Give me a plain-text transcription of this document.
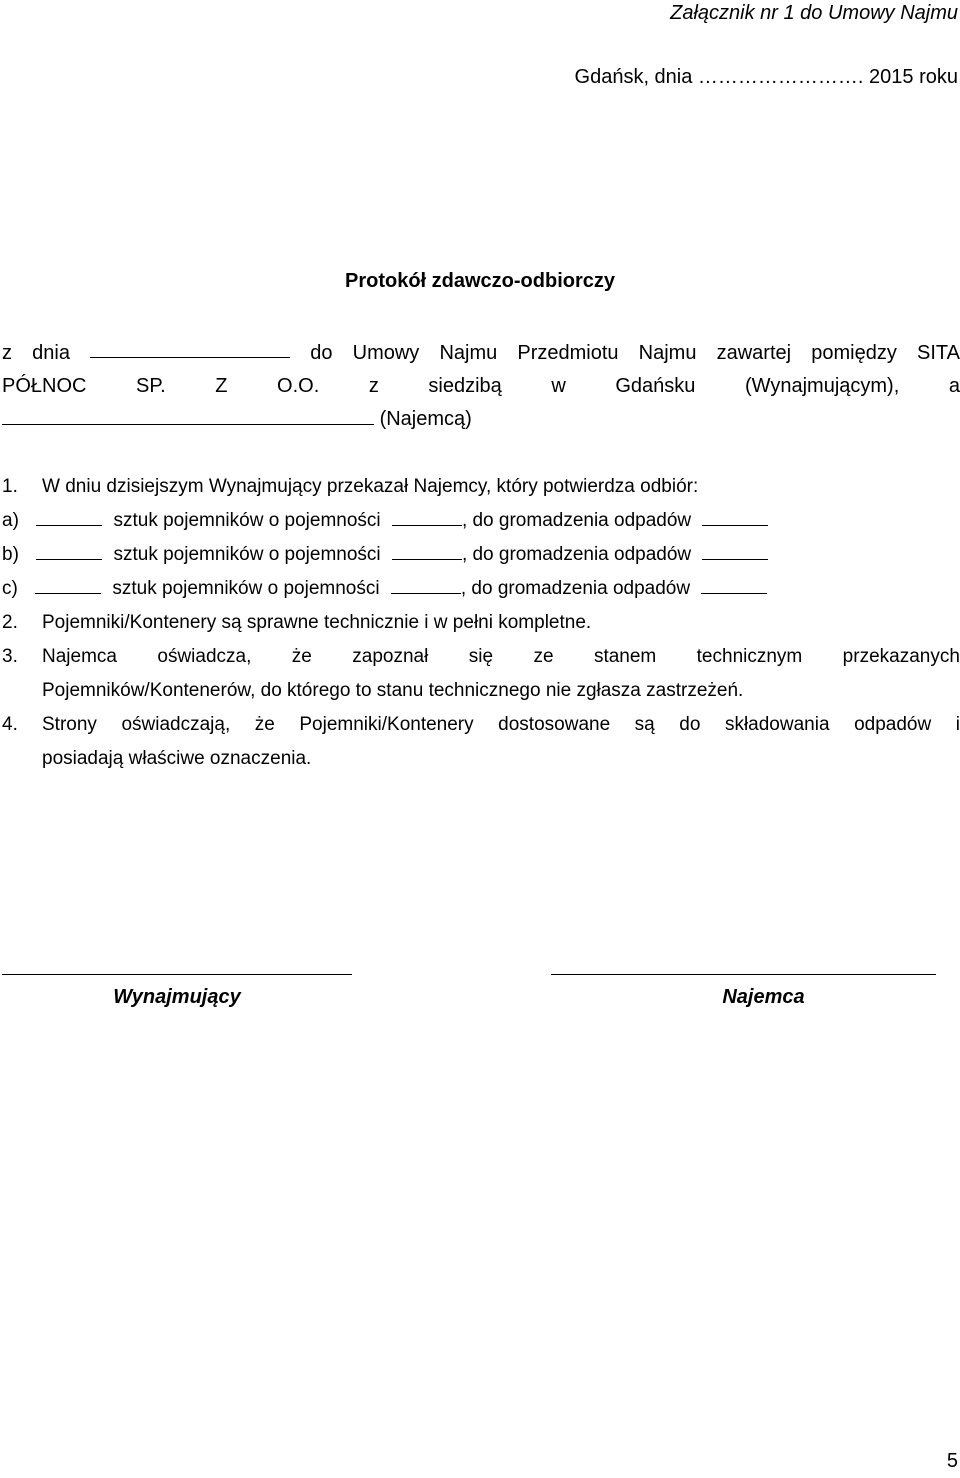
Załącznik nr 1 do Umowy Najmu
Gdańsk, dnia ……………………. 2015 roku
Protokół zdawczo-odbiorczy
z dnia	do Umowy Najmu Przedmiotu Najmu zawartej pomiędzy SITA
PÓŁNOC SP. Z O.O. z siedzibą w Gdańsku (Wynajmującym), a
(Najemcą)
1. W dniu dzisiejszym Wynajmujący przekazał Najemcy, który potwierdza odbiór:
a)	sztuk pojemników o pojemności	, do gromadzenia odpadów
b)	sztuk pojemników o pojemności	, do gromadzenia odpadów
c)	sztuk pojemników o pojemności	, do gromadzenia odpadów
2. Pojemniki/Kontenery są sprawne technicznie i w pełni kompletne.
3. Najemca oświadcza, że zapoznał się ze stanem technicznym przekazanych
Pojemników/Kontenerów, do którego to stanu technicznego nie zgłasza zastrzeżeń.
4. Strony oświadczają, że Pojemniki/Kontenery dostosowane są do składowania odpadów i
posiadają właściwe oznaczenia.
Wynajmujący	Najemca
5
